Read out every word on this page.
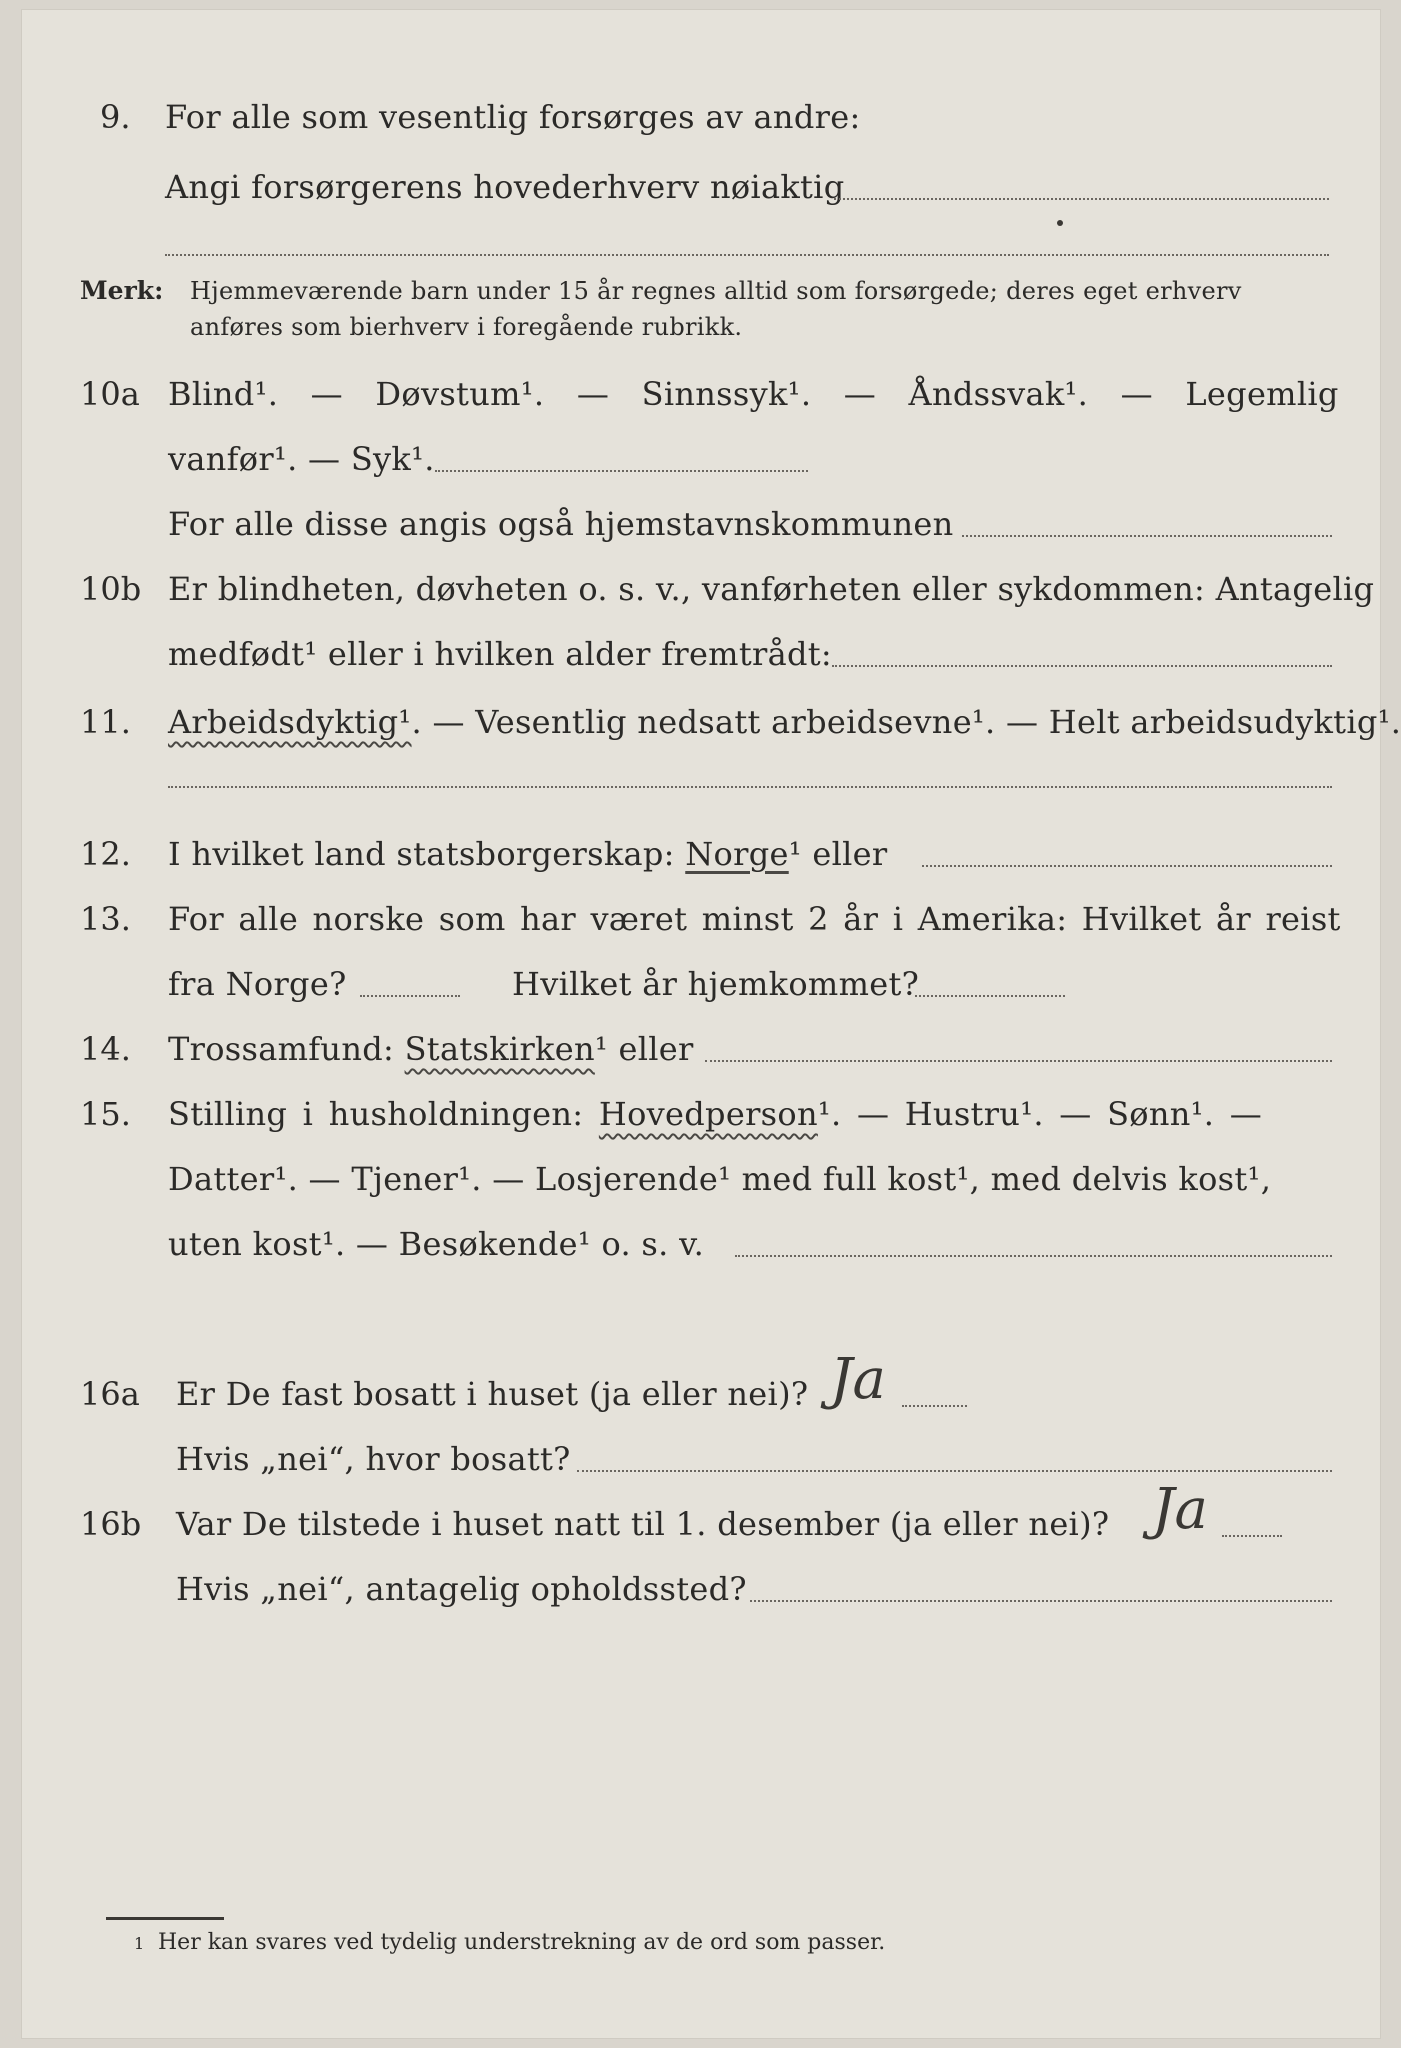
9. For alle som vesentlig forsørges av andre:
Angi forsørgerens hovederhverv nøiaktig
Merk: Hjemmeværende barn under 15 år regnes alltid som forsørgede; deres eget erhverv
anføres som bierhverv i foregående rubrikk.
10a Blind¹. — Døvstum¹. — Sinnssyk¹. — Åndssvak¹. — Legemlig
vanfør¹. — Syk¹.
For alle disse angis også hjemstavnskommunen
10b Er blindheten, døvheten o. s. v., vanførheten eller sykdommen: Antagelig
medfødt¹ eller i hvilken alder fremtrådt:
11. Arbeidsdyktig¹. — Vesentlig nedsatt arbeidsevne¹. — Helt arbeidsudyktig¹.
12. I hvilket land statsborgerskap: Norge¹ eller
13. For alle norske som har været minst 2 år i Amerika: Hvilket år reist
fra Norge?	Hvilket år hjemkommet?
14. Trossamfund: Statskirken¹ eller
15. Stilling i husholdningen: Hovedperson¹. — Hustru¹. — Sønn¹. —
Datter¹. — Tjener¹. — Losjerende¹ med full kost¹, med delvis kost¹,
uten kost¹. — Besøkende¹ o. s. v.
16a Er De fast bosatt i huset (ja eller nei)? Ja
Hvis „nei“, hvor bosatt?
16b Var De tilstede i huset natt til 1. desember (ja eller nei)? Ja
Hvis „nei“, antagelig opholdssted?
1 Her kan svares ved tydelig understrekning av de ord som passer.
